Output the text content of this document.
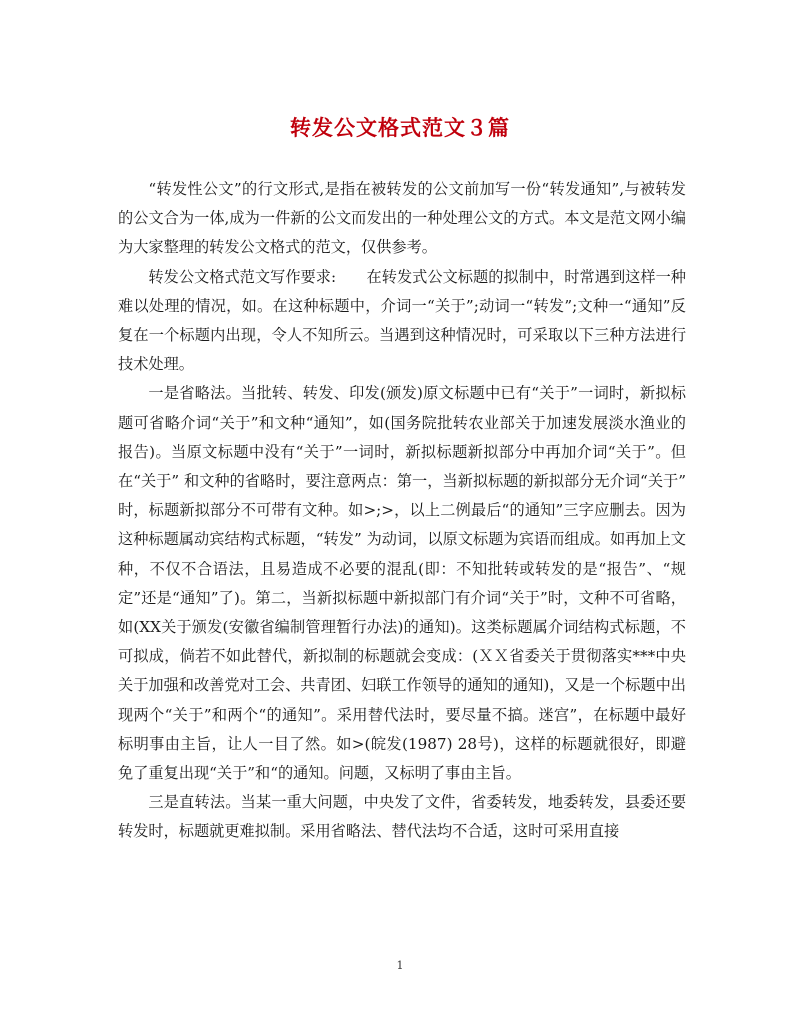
转发公文格式范文３篇

“转发性公文”的行文形式,是指在被转发的公文前加写一份“转发通知”,与被转发的公文合为一体,成为一件新的公文而发出的一种处理公文的方式。本文是范文网小编为大家整理的转发公文格式的范文，仅供参考。

转发公文格式范文写作要求:　　在转发式公文标题的拟制中，时常遇到这样一种难以处理的情况，如。在这种标题中，介词一“关于”;动词一“转发”;文种一“通知”反复在一个标题内出现，令人不知所云。当遇到这种情况时，可采取以下三种方法进行技术处理。

一是省略法。当批转、转发、印发(颁发)原文标题中已有“关于”一词时，新拟标题可省略介词“关于”和文种“通知”，如(国务院批转农业部关于加速发展淡水渔业的报告)。当原文标题中没有“关于”一词时，新拟标题新拟部分中再加介词“关于”。但在“关于” 和文种的省略时，要注意两点：第一，当新拟标题的新拟部分无介词“关于” 时，标题新拟部分不可带有文种。如>;>，以上二例最后“的通知”三字应删去。因为这种标题属动宾结构式标题，“转发” 为动词，以原文标题为宾语而组成。如再加上文种，不仅不合语法，且易造成不必要的混乱(即：不知批转或转发的是“报告”、“规定”还是“通知”了)。第二，当新拟标题中新拟部门有介词“关于”时，文种不可省略，如(XX关于颁发(安徽省编制管理暂行办法)的通知)。这类标题属介词结构式标题，不可拟成，倘若不如此替代，新拟制的标题就会变成：(ＸＸ省委关于贯彻落实***中央关于加强和改善党对工会、共青团、妇联工作领导的通知的通知)，又是一个标题中出现两个“关于”和两个“的通知”。采用替代法时，要尽量不搞。迷宫”，在标题中最好标明事由主旨，让人一目了然。如>(皖发(1987) 28号)，这样的标题就很好，即避免了重复出现“关于”和“的通知。问题，又标明了事由主旨。

三是直转法。当某一重大问题，中央发了文件，省委转发，地委转发，县委还要转发时，标题就更难拟制。采用省略法、替代法均不合适，这时可采用直接

1
